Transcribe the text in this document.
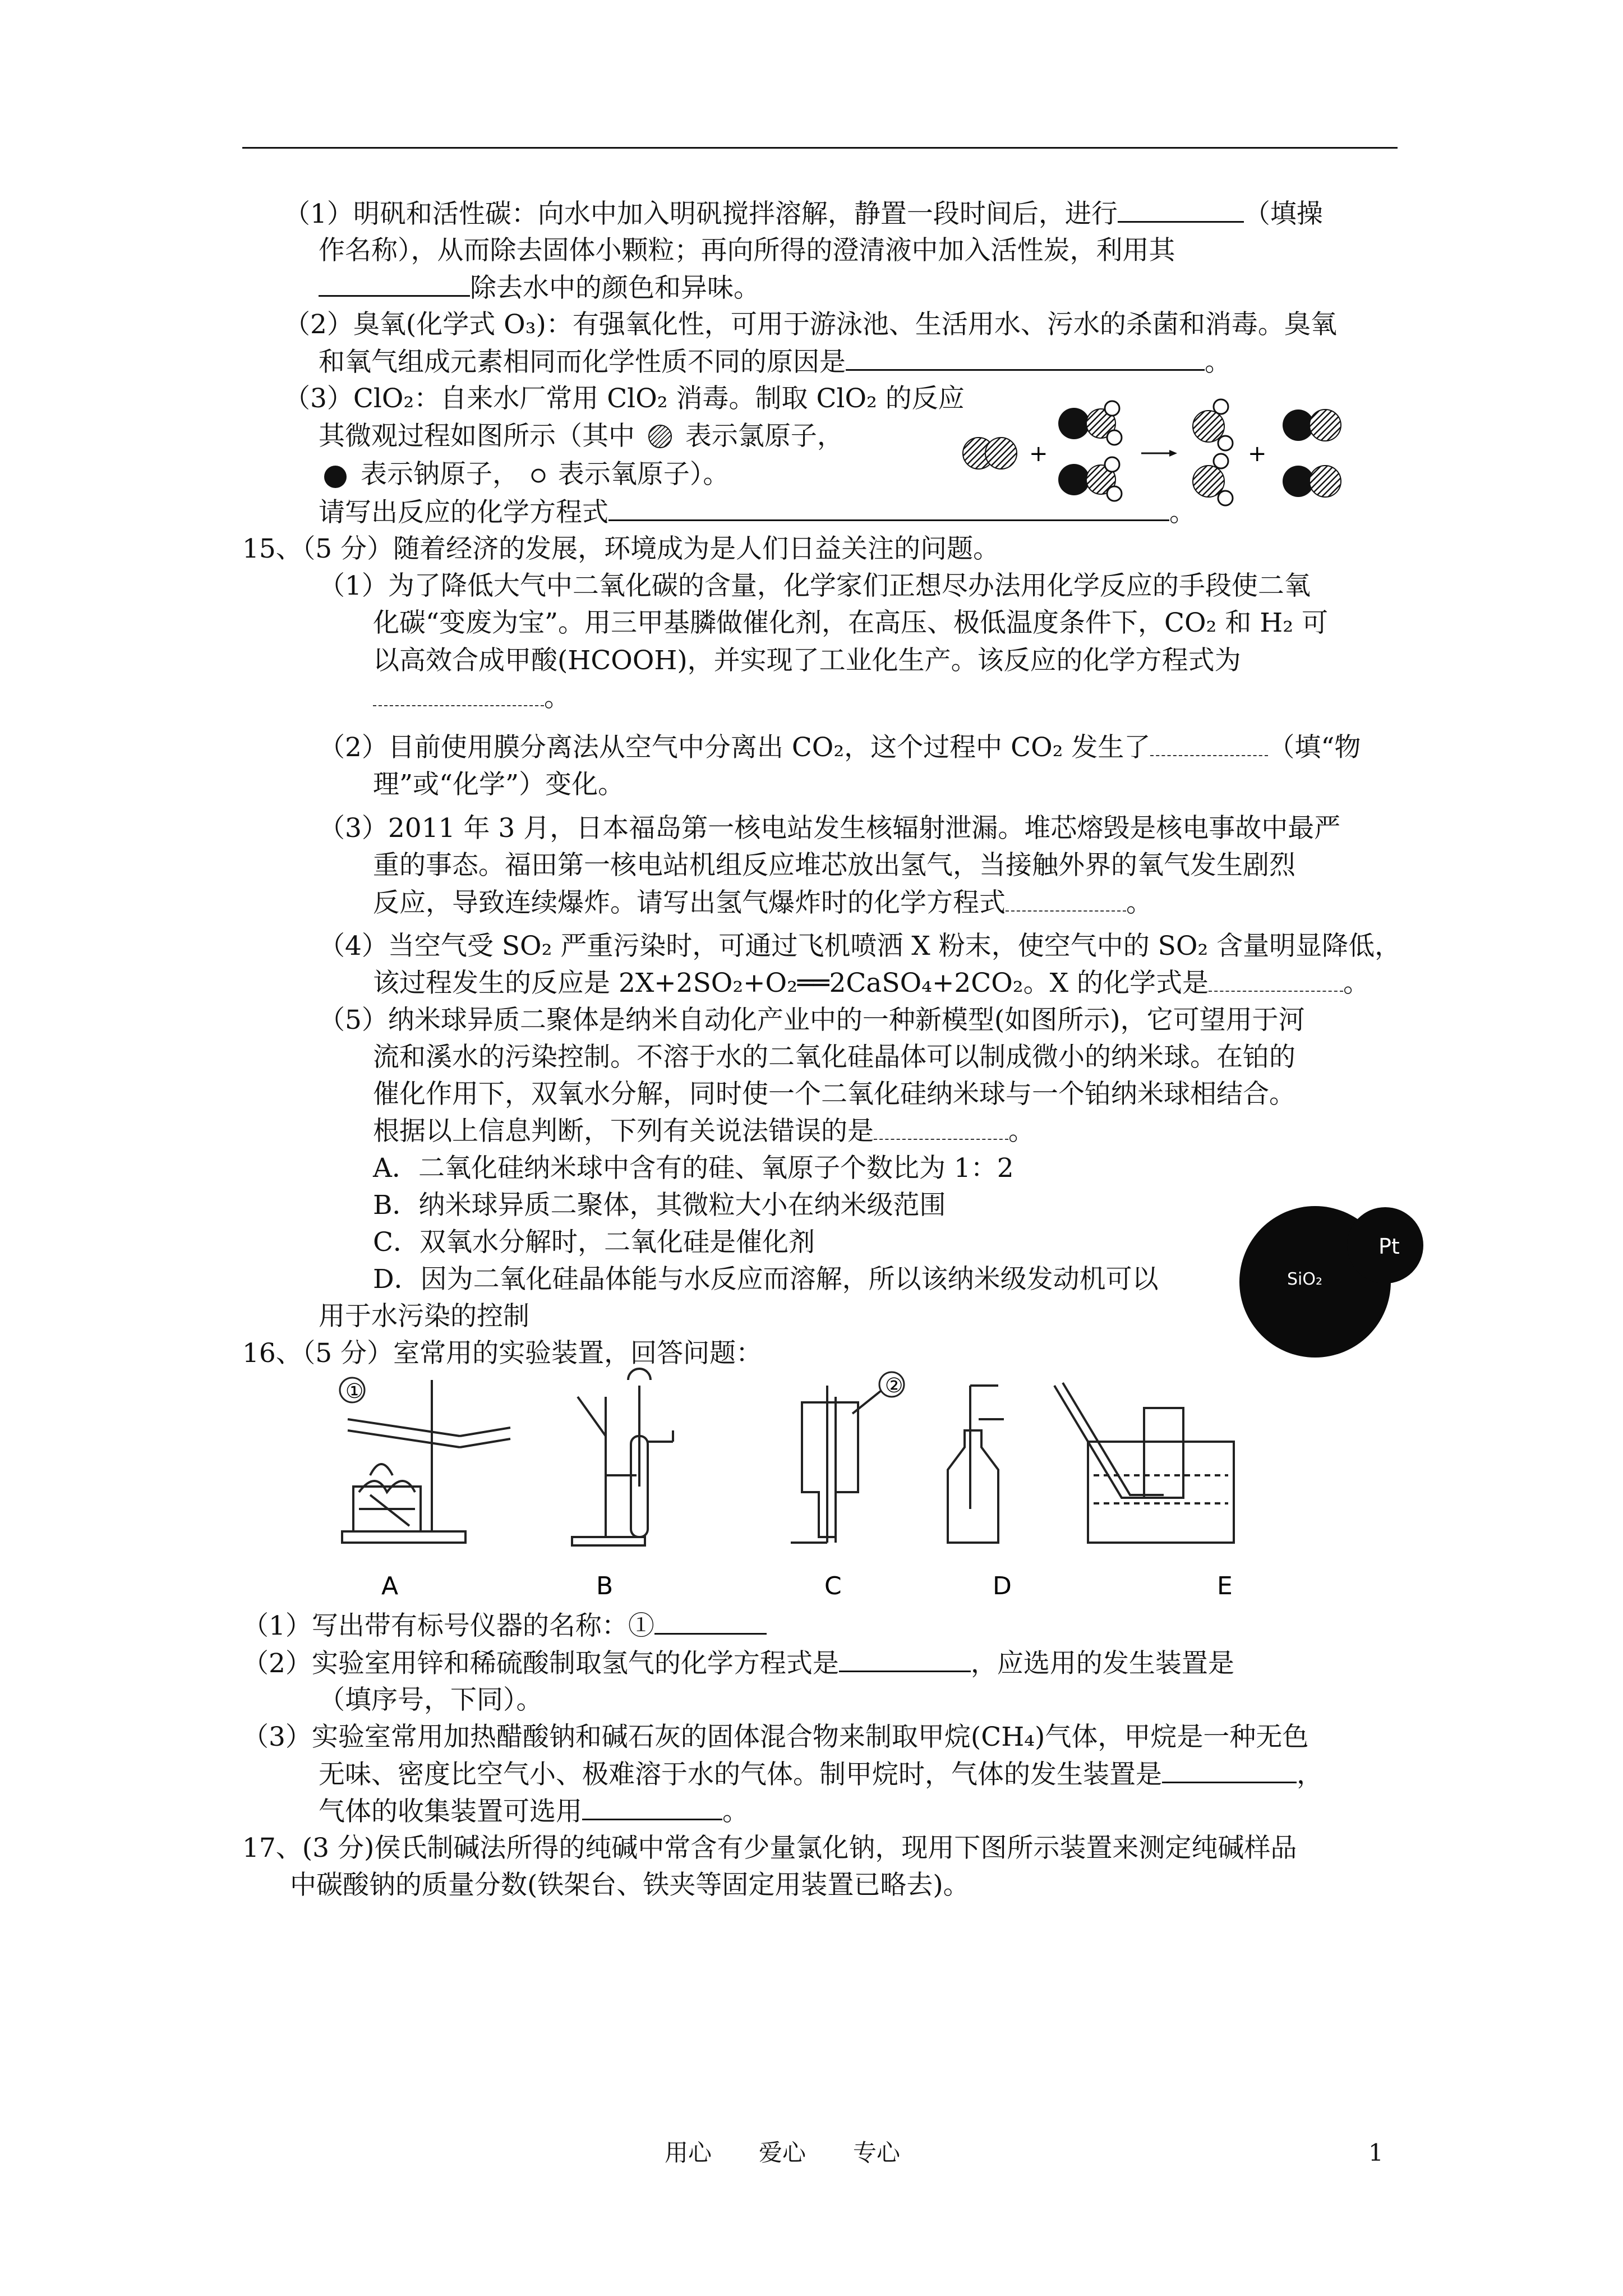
（1）明矾和活性碳：向水中加入明矾搅拌溶解，静置一段时间后，进行	（填操
作名称），从而除去固体小颗粒；再向所得的澄清液中加入活性炭，利用其
除去水中的颜色和异味。
（2）臭氧(化学式 O₃)：有强氧化性，可用于游泳池、生活用水、污水的杀菌和消毒。臭氧
和氧气组成元素相同而化学性质不同的原因是	。
（3）ClO₂：自来水厂常用 ClO₂ 消毒。制取 ClO₂ 的反应
其微观过程如图所示（其中 表示氯原子，
表示钠原子， 表示氧原子）。
请写出反应的化学方程式	。
+	+
15、（5 分）随着经济的发展，环境成为是人们日益关注的问题。
（1）为了降低大气中二氧化碳的含量，化学家们正想尽办法用化学反应的手段使二氧
化碳“变废为宝”。用三甲基膦做催化剂，在高压、极低温度条件下，CO₂ 和 H₂ 可
以高效合成甲酸(HCOOH)，并实现了工业化生产。该反应的化学方程式为
。
（2）目前使用膜分离法从空气中分离出 CO₂，这个过程中 CO₂ 发生了	（填“物
理”或“化学”）变化。
（3）2011 年 3 月，日本福岛第一核电站发生核辐射泄漏。堆芯熔毁是核电事故中最严
重的事态。福田第一核电站机组反应堆芯放出氢气，当接触外界的氧气发生剧烈
反应，导致连续爆炸。请写出氢气爆炸时的化学方程式	。
（4）当空气受 SO₂ 严重污染时，可通过飞机喷洒 X 粉末，使空气中的 SO₂ 含量明显降低，
该过程发生的反应是 2X+2SO₂+O₂══2CaSO₄+2CO₂。X 的化学式是	。
（5）纳米球异质二聚体是纳米自动化产业中的一种新模型(如图所示)，它可望用于河
流和溪水的污染控制。不溶于水的二氧化硅晶体可以制成微小的纳米球。在铂的
催化作用下，双氧水分解，同时使一个二氧化硅纳米球与一个铂纳米球相结合。
根据以上信息判断，下列有关说法错误的是	。
A．二氧化硅纳米球中含有的硅、氧原子个数比为 1：2
B．纳米球异质二聚体，其微粒大小在纳米级范围
C．双氧水分解时，二氧化硅是催化剂
D．因为二氧化硅晶体能与水反应而溶解，所以该纳米级发动机可以
用于水污染的控制
Pt
SiO₂
16、（5 分）室常用的实验装置，回答问题：
①	②
A	B	C	D	E
（1）写出带有标号仪器的名称：①
（2）实验室用锌和稀硫酸制取氢气的化学方程式是	，应选用的发生装置是
（填序号，下同）。
（3）实验室常用加热醋酸钠和碱石灰的固体混合物来制取甲烷(CH₄)气体，甲烷是一种无色
无味、密度比空气小、极难溶于水的气体。制甲烷时，气体的发生装置是	，
气体的收集装置可选用	。
17、(3 分)侯氏制碱法所得的纯碱中常含有少量氯化钠，现用下图所示装置来测定纯碱样品
中碳酸钠的质量分数(铁架台、铁夹等固定用装置已略去)。
用心　　爱心　　专心	1
